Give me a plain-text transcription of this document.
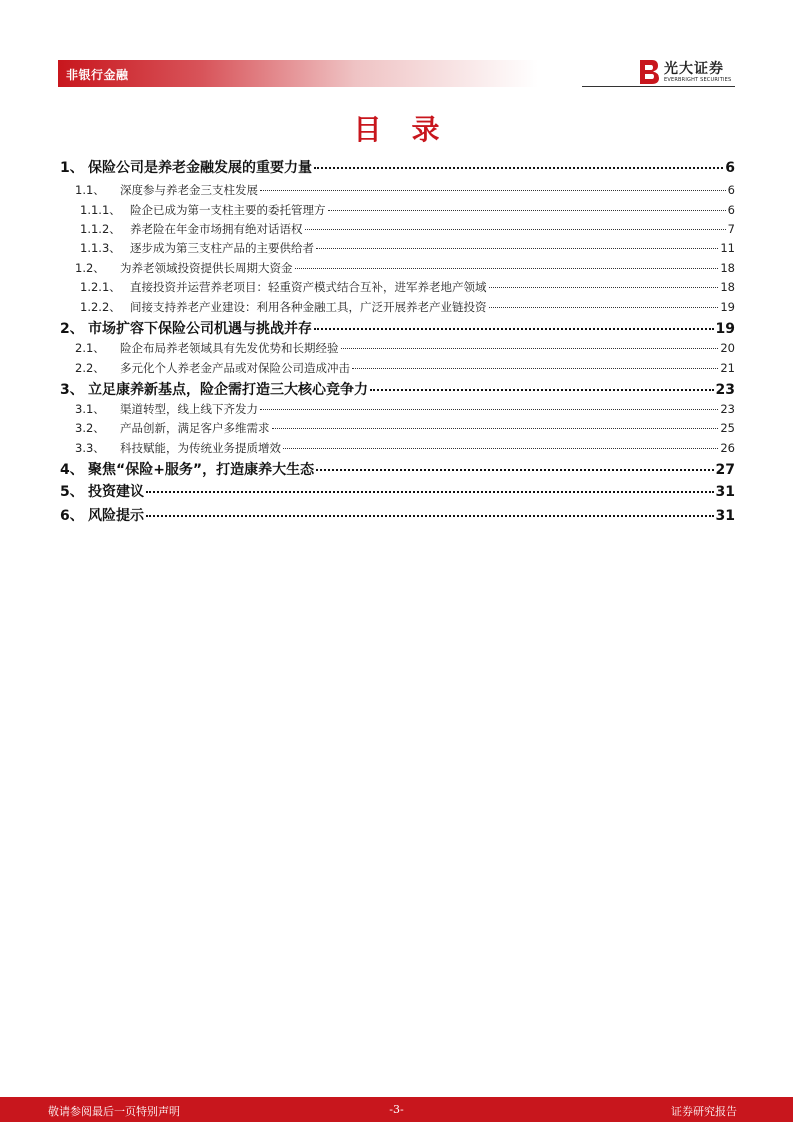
非银行金融	光大证券
EVERBRIGHT SECURITIES
目录
1、 保险公司是养老金融发展的重要力量	6
1.1、	深度参与养老金三支柱发展	6
1.1.1、 险企已成为第一支柱主要的委托管理方	6
1.1.2、 养老险在年金市场拥有绝对话语权	7
1.1.3、 逐步成为第三支柱产品的主要供给者	11
1.2、	为养老领域投资提供长周期大资金	18
1.2.1、 直接投资并运营养老项目：轻重资产模式结合互补，进军养老地产领域	18
1.2.2、 间接支持养老产业建设：利用各种金融工具，广泛开展养老产业链投资	19
2、 市场扩容下保险公司机遇与挑战并存	19
2.1、	险企布局养老领域具有先发优势和长期经验	20
2.2、	多元化个人养老金产品或对保险公司造成冲击	21
3、 立足康养新基点，险企需打造三大核心竞争力	23
3.1、	渠道转型，线上线下齐发力	23
3.2、	产品创新，满足客户多维需求	25
3.3、	科技赋能，为传统业务提质增效	26
4、 聚焦“保险+服务”，打造康养大生态	27
5、 投资建议	31
6、 风险提示	31
敬请参阅最后一页特别声明	-3-	证券研究报告
